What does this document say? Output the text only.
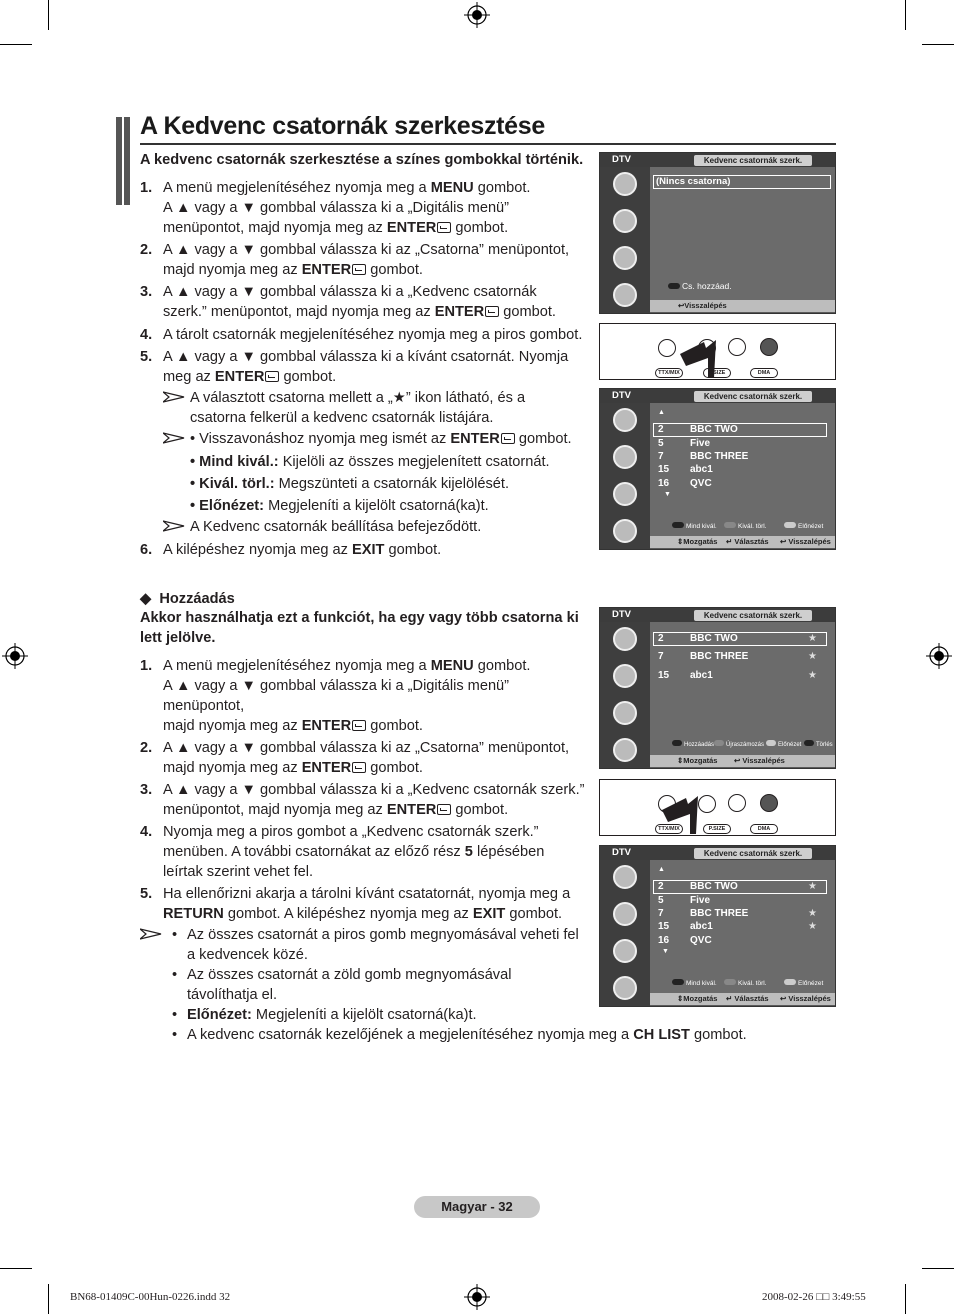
A Kedvenc csatornák szerkesztése
A kedvenc csatornák szerkesztése a színes gombokkal történik.
1. A menü megjelenítéséhez nyomja meg a MENU gombot.
A ▲ vagy a ▼ gombbal válassza ki a „Digitális menü”
menüpontot, majd nyomja meg az ENTER gombot.
2. A ▲ vagy a ▼ gombbal válassza ki az „Csatorna” menüpontot,
majd nyomja meg az ENTER gombot.
3. A ▲ vagy a ▼ gombbal válassza ki a „Kedvenc csatornák
szerk.” menüpontot, majd nyomja meg az ENTER gombot.
4. A tárolt csatornák megjelenítéséhez nyomja meg a piros gombot.
5. A ▲ vagy a ▼ gombbal válassza ki a kívánt csatornát. Nyomja
meg az ENTER gombot.
A választott csatorna mellett a „★” ikon látható, és a
csatorna felkerül a kedvenc csatornák listájára.
• Visszavonáshoz nyomja meg ismét az ENTER gombot.
• Mind kivál.: Kijelöli az összes megjelenített csatornát.
• Kivál. törl.: Megszünteti a csatornák kijelölését.
• Előnézet: Megjeleníti a kijelölt csatorná(ka)t.
A Kedvenc csatornák beállítása befejeződött.
6. A kilépéshez nyomja meg az EXIT gombot.
◆ Hozzáadás
Akkor használhatja ezt a funkciót, ha egy vagy több csatorna ki
lett jelölve.
1. A menü megjelenítéséhez nyomja meg a MENU gombot.
A ▲ vagy a ▼ gombbal válassza ki a „Digitális menü”
menüpontot,
majd nyomja meg az ENTER gombot.
2. A ▲ vagy a ▼ gombbal válassza ki az „Csatorna” menüpontot,
majd nyomja meg az ENTER gombot.
3. A ▲ vagy a ▼ gombbal válassza ki a „Kedvenc csatornák szerk.”
menüpontot, majd nyomja meg az ENTER gombot.
4. Nyomja meg a piros gombot a „Kedvenc csatornák szerk.”
menüben. A további csatornákat az előző rész 5 lépésében
leírtak szerint vehet fel.
5. Ha ellenőrizni akarja a tárolni kívánt csatatornát, nyomja meg a
RETURN gombot. A kilépéshez nyomja meg az EXIT gombot.
• Az összes csatornát a piros gomb megnyomásával veheti fel
a kedvencek közé.
• Az összes csatornát a zöld gomb megnyomásával
távolíthatja el.
• Előnézet: Megjeleníti a kijelölt csatorná(ka)t.
• A kedvenc csatornák kezelőjének a megjelenítéséhez nyomja meg a CH LIST gombot.
DTV	Kedvenc csatornák szerk.
(Nincs csatorna)
Cs. hozzáad.
↩Visszalépés
TTX/MIX	P.SIZE	DMA
DTV	Kedvenc csatornák szerk.
▲
2	BBC TWO
5	Five
7	BBC THREE
15 abc1
16 QVC
▼
Mind kivál.	Kivál. törl.	Előnézet
⇕Mozgatás ↵ Választás ↩ Visszalépés
DTV	Kedvenc csatornák szerk.
2	BBC TWO	★
7	BBC THREE	★
15 abc1	★
Hozzáadás	Újraszámozás	Előnézet	Törlés
⇕Mozgatás ↩ Visszalépés
TTX/MIX	P.SIZE	DMA
DTV	Kedvenc csatornák szerk.
▲
2	BBC TWO	★
5	Five
7	BBC THREE	★
15 abc1	★
16 QVC
▼
Mind kivál.	Kivál. törl.	Előnézet
⇕Mozgatás ↵ Választás ↩ Visszalépés
Magyar - 32
BN68-01409C-00Hun-0226.indd 32	2008-02-26 □□ 3:49:55
